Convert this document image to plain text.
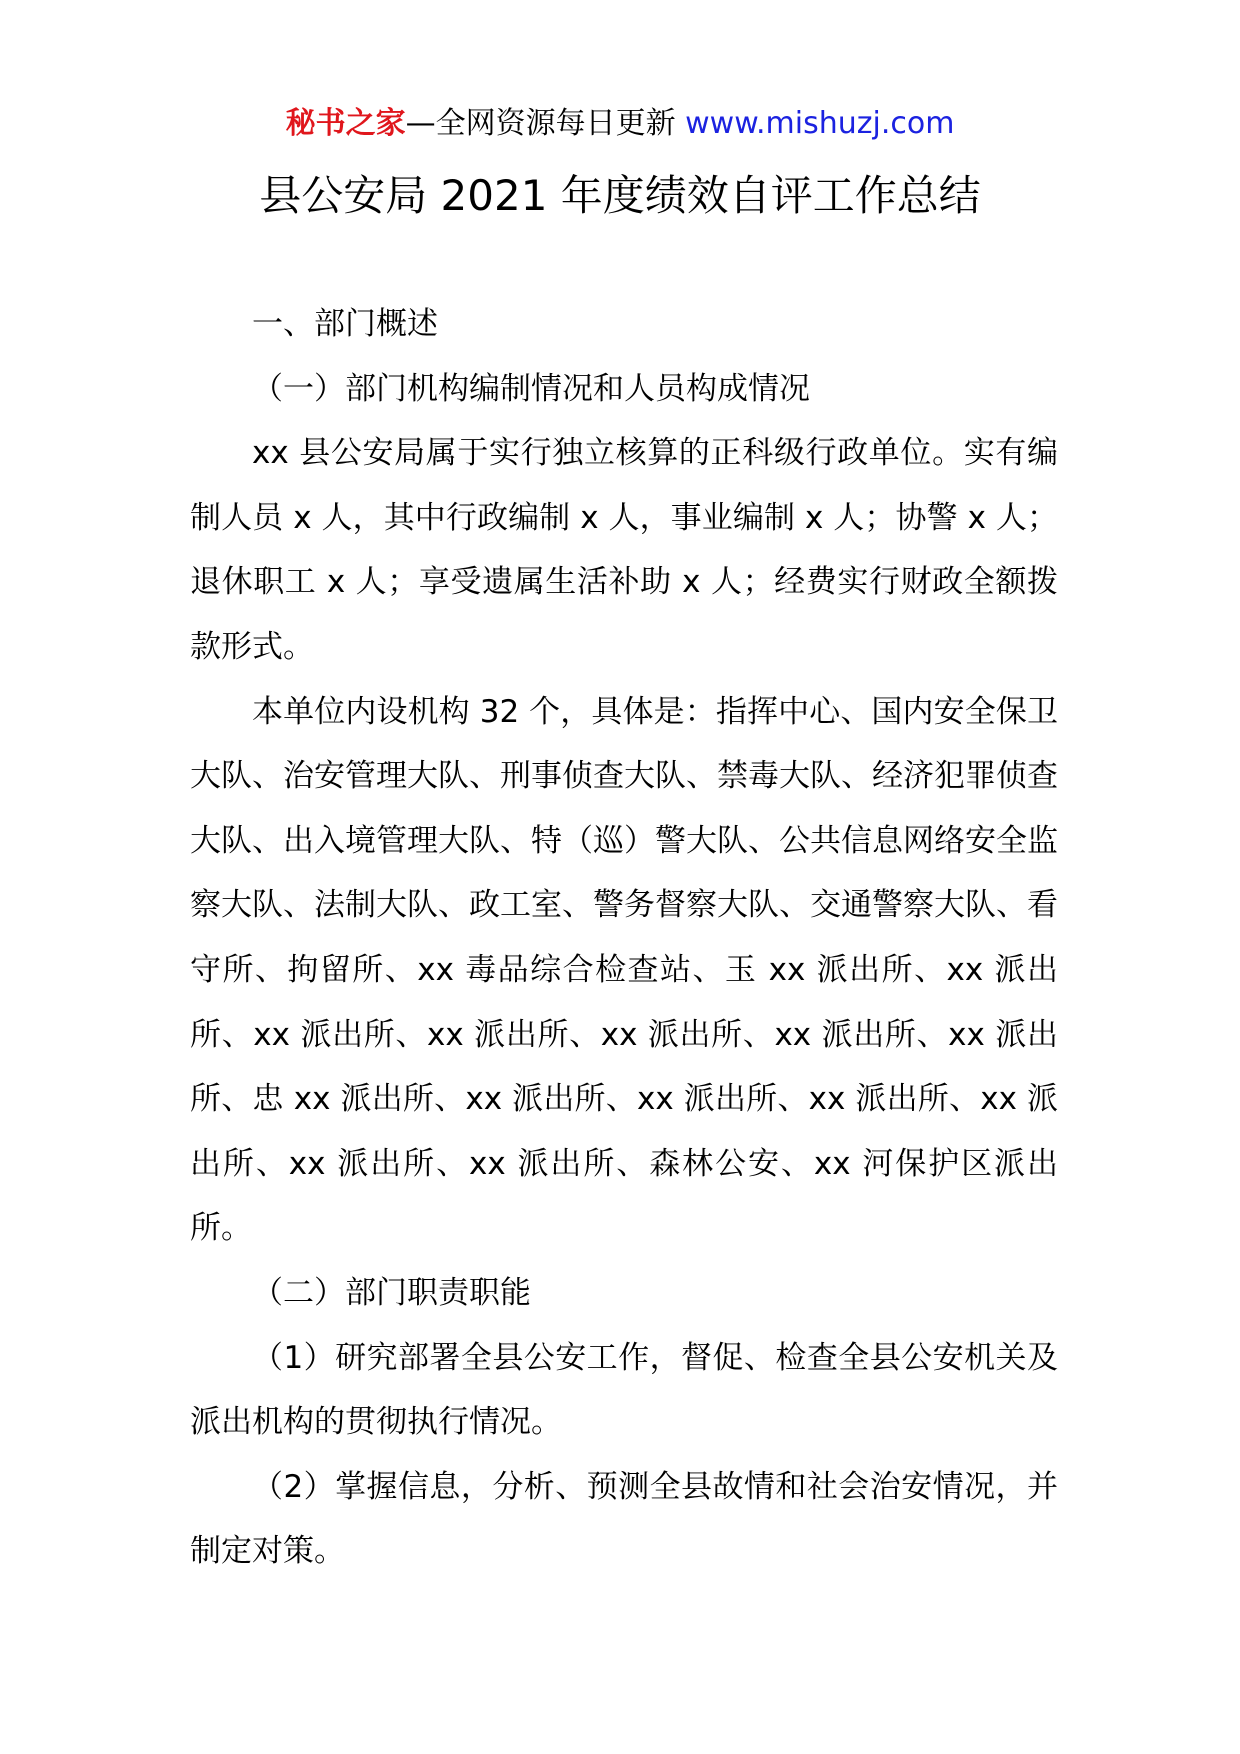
秘书之家—全网资源每日更新 www.mishuzj.com
县公安局 2021 年度绩效自评工作总结

一、部门概述

（一）部门机构编制情况和人员构成情况

xx 县公安局属于实行独立核算的正科级行政单位。实有编制人员 x 人，其中行政编制 x 人，事业编制 x 人；协警 x 人；退休职工 x 人；享受遗属生活补助 x 人；经费实行财政全额拨款形式。

本单位内设机构 32 个，具体是：指挥中心、国内安全保卫大队、治安管理大队、刑事侦查大队、禁毒大队、经济犯罪侦查大队、出入境管理大队、特（巡）警大队、公共信息网络安全监察大队、法制大队、政工室、警务督察大队、交通警察大队、看守所、拘留所、xx 毒品综合检查站、玉 xx 派出所、xx 派出所、xx 派出所、xx 派出所、xx 派出所、xx 派出所、xx 派出所、忠 xx 派出所、xx 派出所、xx 派出所、xx 派出所、xx 派出所、xx 派出所、xx 派出所、森林公安、xx 河保护区派出所。

（二）部门职责职能

（1）研究部署全县公安工作，督促、检查全县公安机关及派出机构的贯彻执行情况。

（2）掌握信息，分析、预测全县故情和社会治安情况，并制定对策。
